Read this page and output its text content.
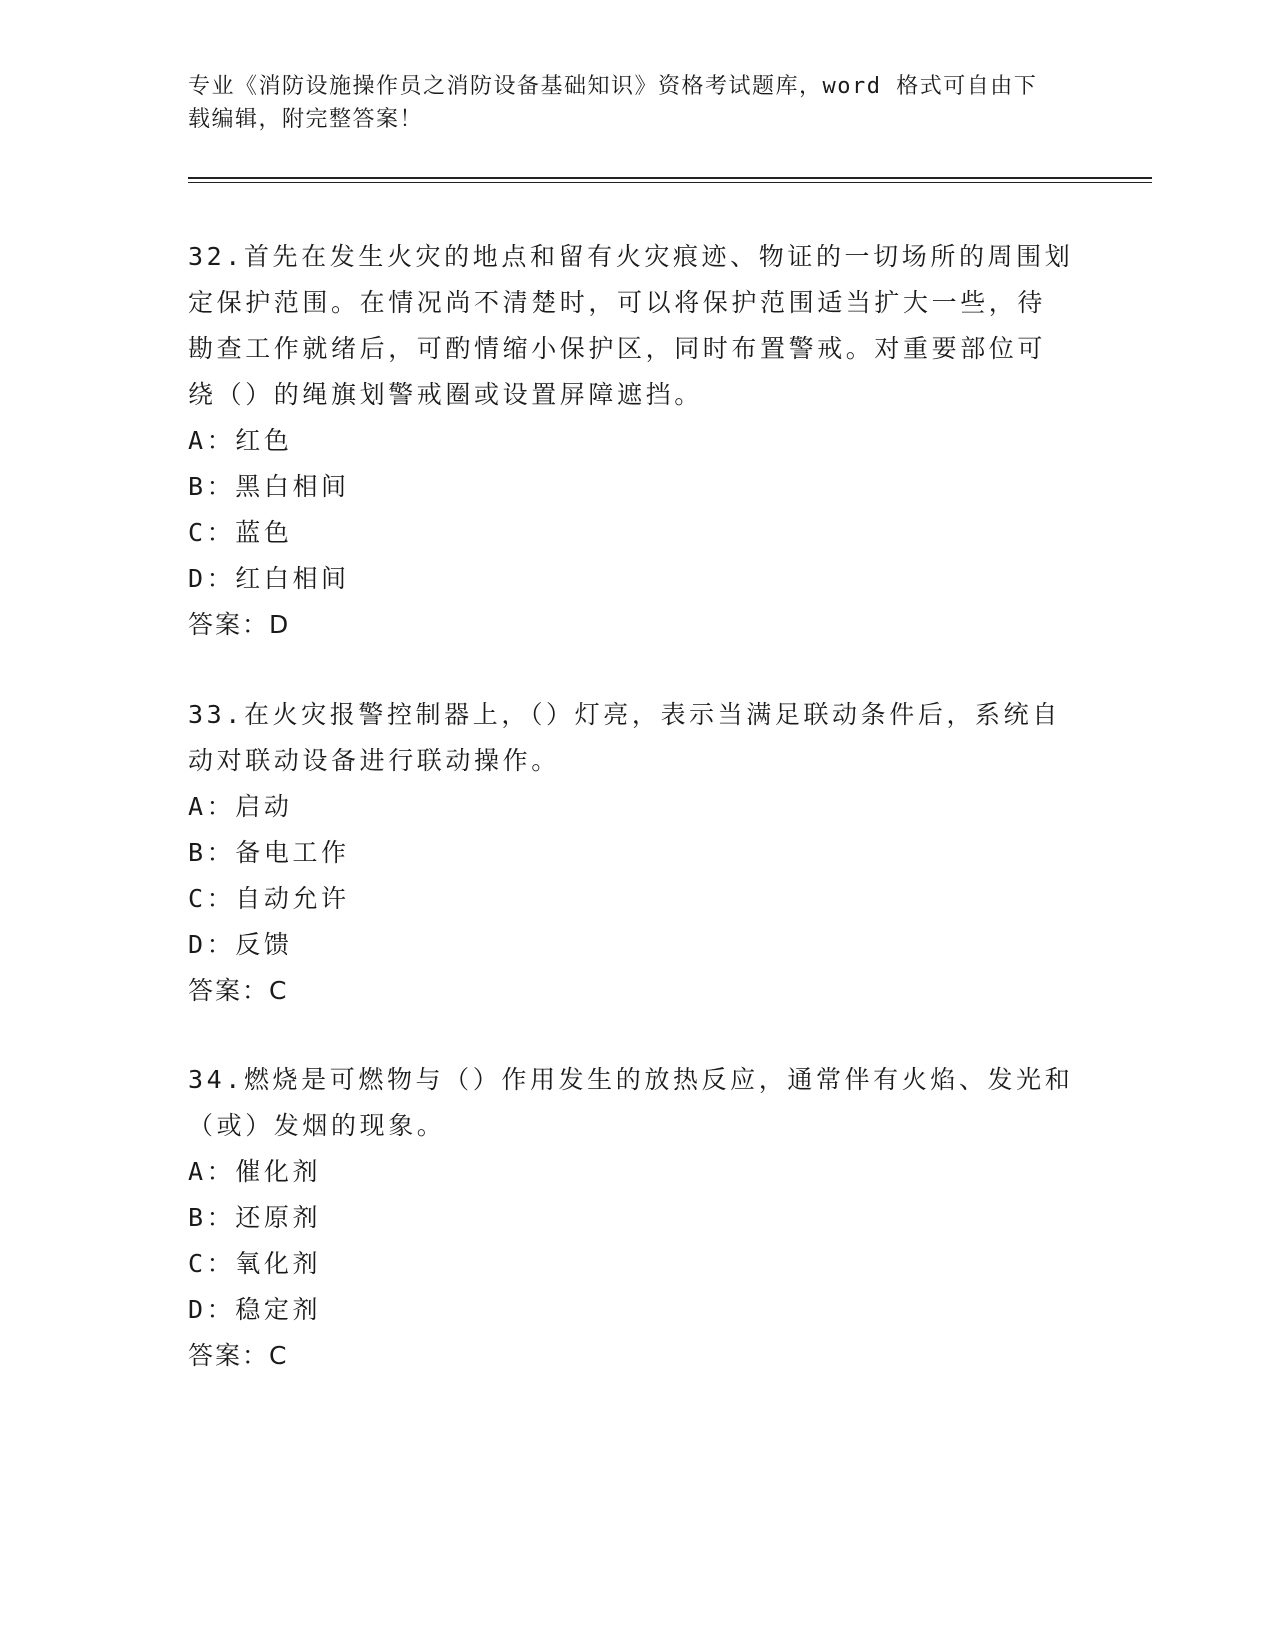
专业《消防设施操作员之消防设备基础知识》资格考试题库，word 格式可自由下
载编辑，附完整答案！

32.首先在发生火灾的地点和留有火灾痕迹、物证的一切场所的周围划

定保护范围。在情况尚不清楚时，可以将保护范围适当扩大一些，待

勘查工作就绪后，可酌情缩小保护区，同时布置警戒。对重要部位可

绕（）的绳旗划警戒圈或设置屏障遮挡。

A：红色

B：黑白相间

C：蓝色

D：红白相间

答案：D

33.在火灾报警控制器上，（）灯亮，表示当满足联动条件后，系统自

动对联动设备进行联动操作。

A：启动

B：备电工作

C：自动允许

D：反馈

答案：C

34.燃烧是可燃物与（）作用发生的放热反应，通常伴有火焰、发光和

（或）发烟的现象。

A：催化剂

B：还原剂

C：氧化剂

D：稳定剂

答案：C
